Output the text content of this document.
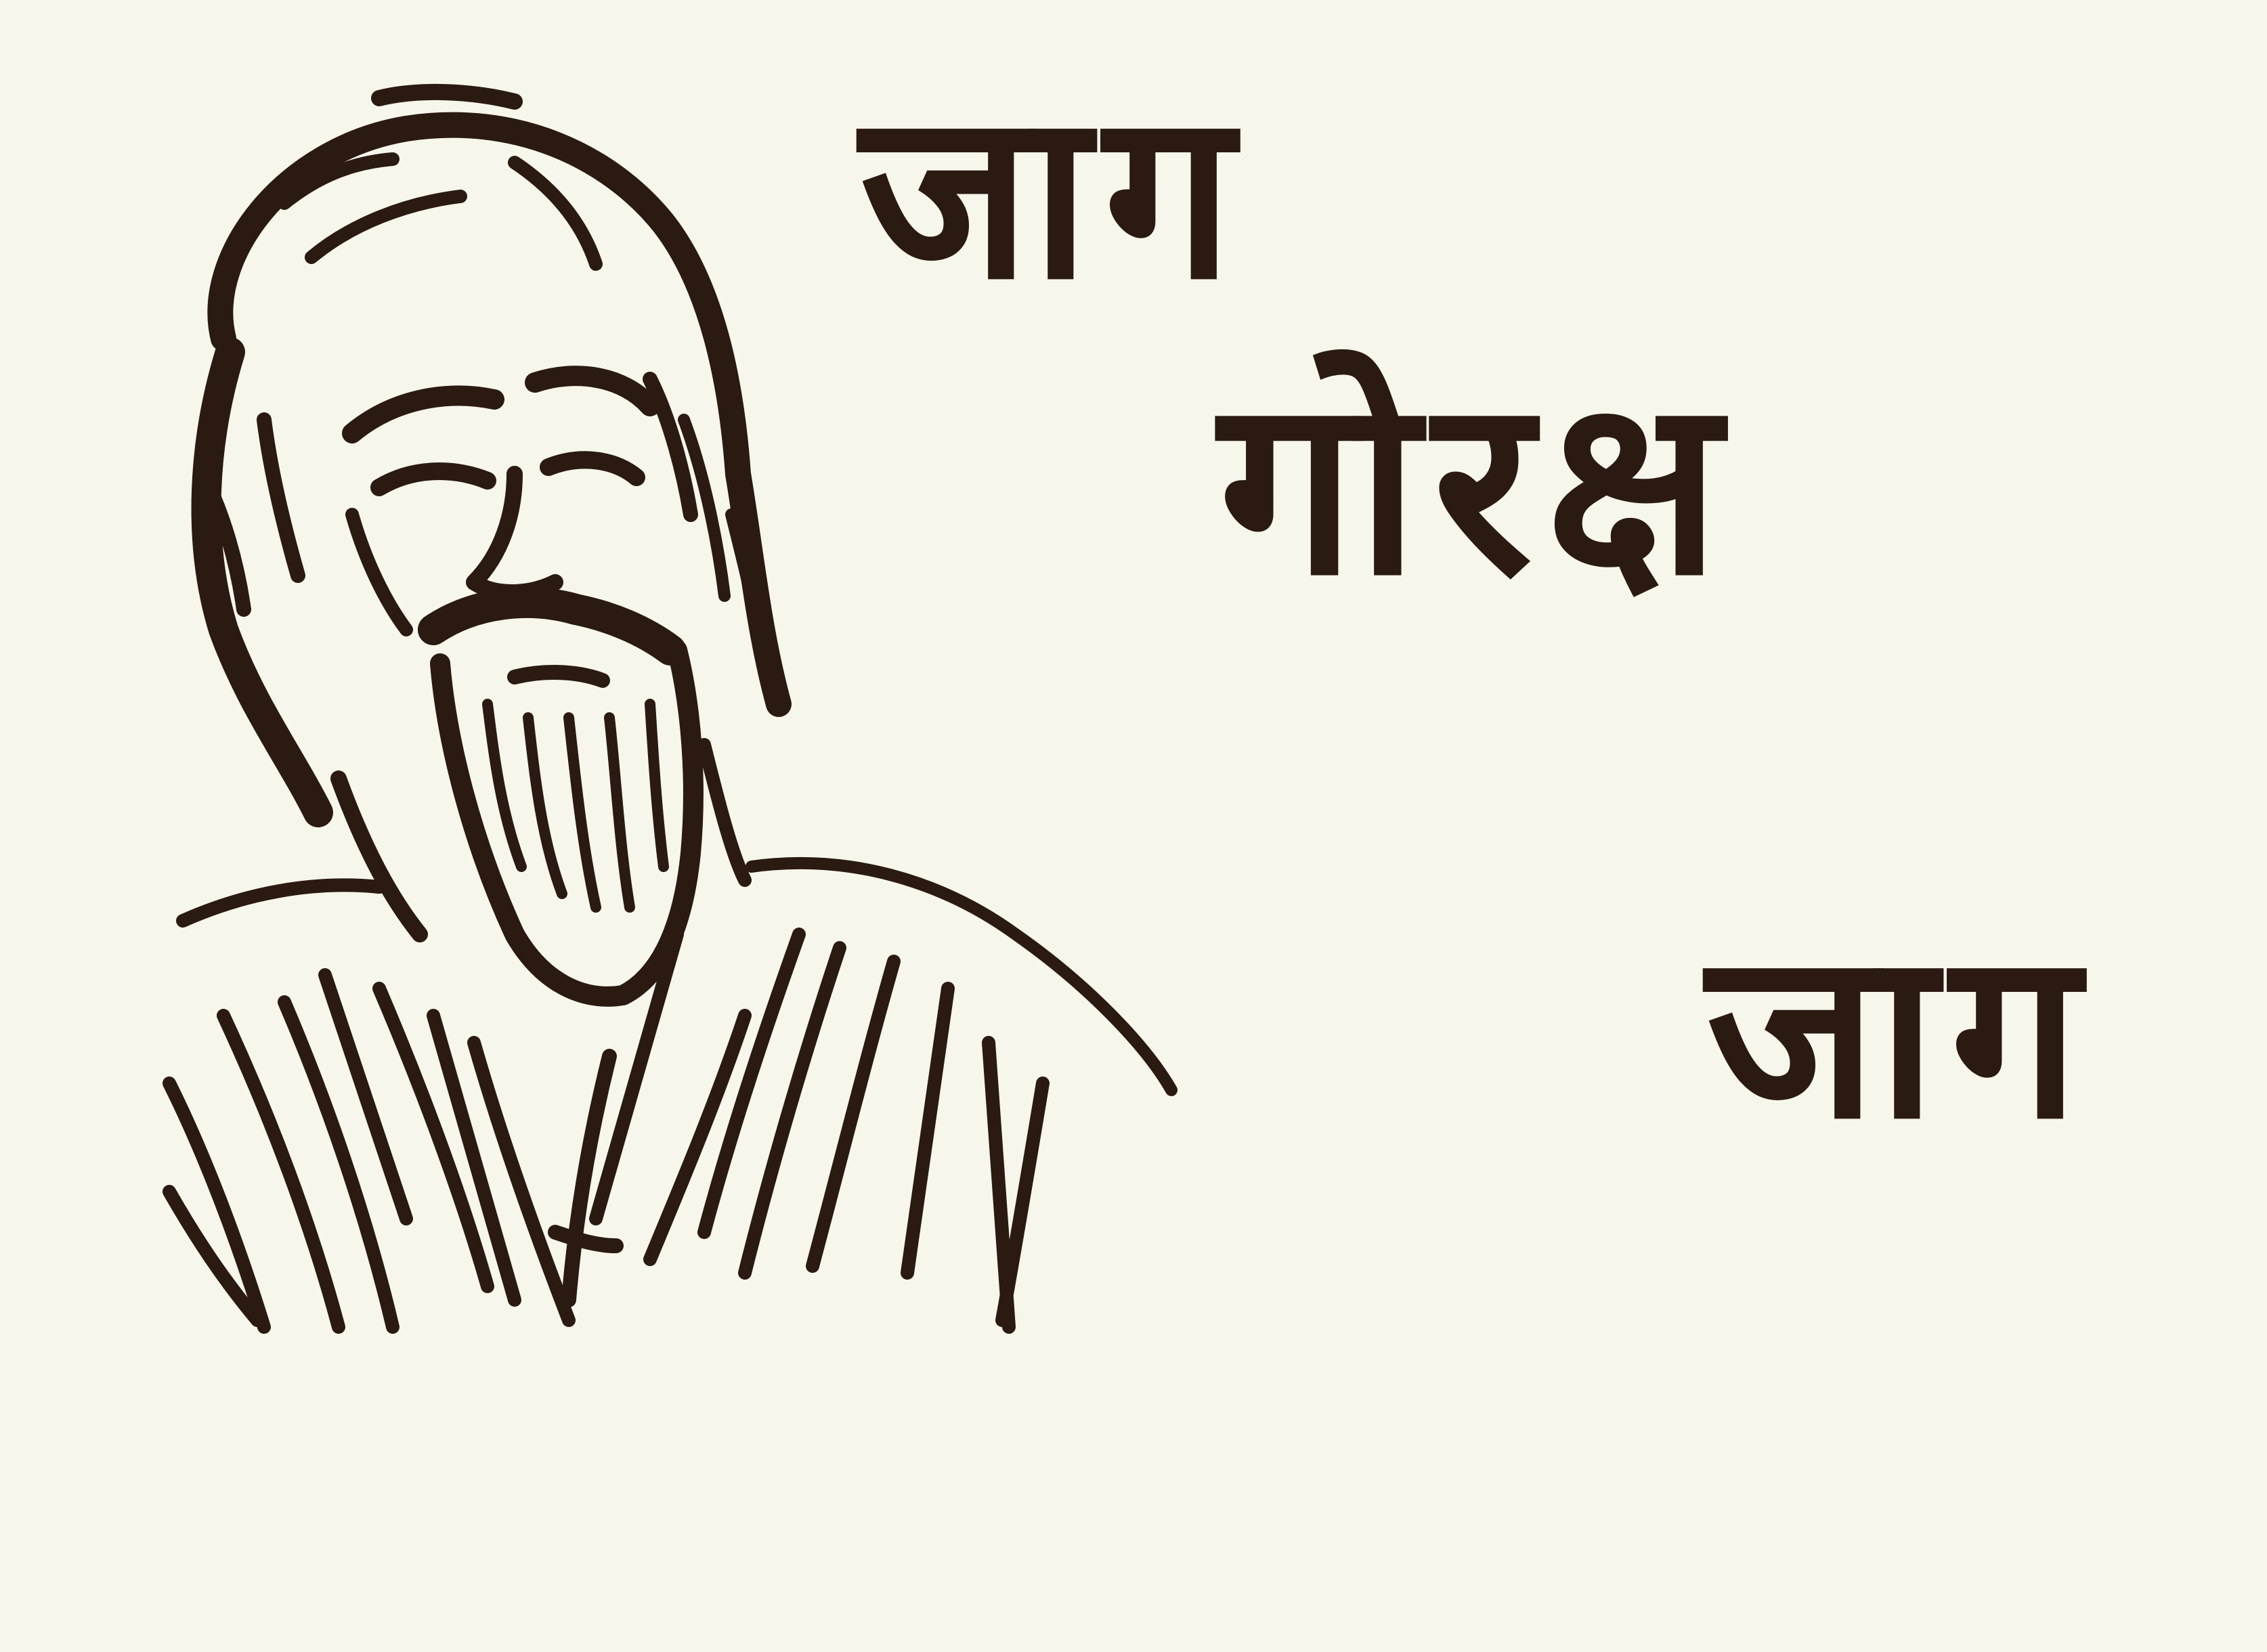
जाग
गोरक्ष
जाग
